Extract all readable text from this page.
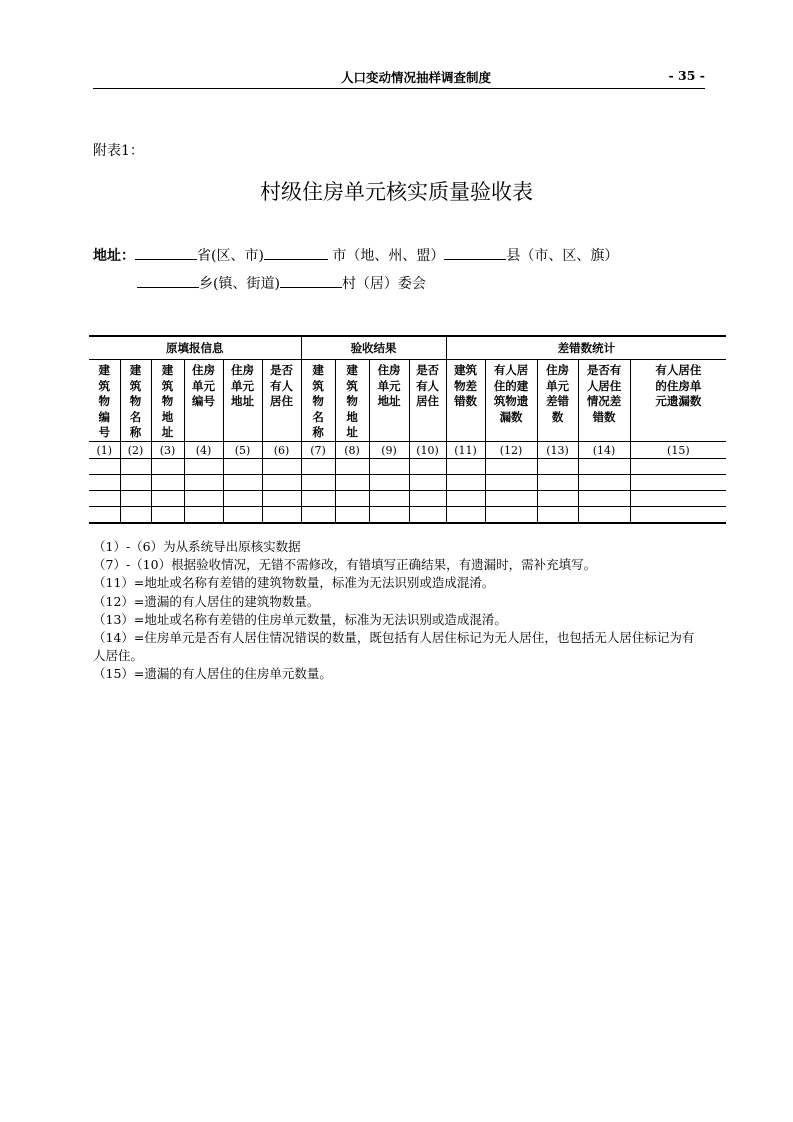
人口变动情况抽样调查制度	- 35 -
附表1：
村级住房单元核实质量验收表
地址：	省(区、市)	市（地、州、盟）	县（市、区、旗）
乡(镇、街道)	村（居）委会
原填报信息						验收结果				差错数统计				
建
筑
物
编
号	建
筑
物
名
称	建
筑
物
地
址	住房
单元
编号	住房
单元
地址	是否
有人
居住	建
筑
物
名
称	建
筑
物
地
址	住房
单元
地址	是否
有人
居住	建筑
物差
错数	有人居
住的建
筑物遗
漏数	住房
单元
差错
数	是否有
人居住
情况差
错数	有人居住
的住房单
元遗漏数
(1)	(2)	(3)	(4)	(5)	(6)	(7)	(8)	(9)	(10)	(11)	(12)	(13)	(14)	(15)

（1）-（6）为从系统导出原核实数据
（7）-（10）根据验收情况，无错不需修改，有错填写正确结果，有遗漏时，需补充填写。
（11）=地址或名称有差错的建筑物数量，标准为无法识别或造成混淆。
（12）=遗漏的有人居住的建筑物数量。
（13）=地址或名称有差错的住房单元数量，标准为无法识别或造成混淆。
（14）=住房单元是否有人居住情况错误的数量，既包括有人居住标记为无人居住，也包括无人居住标记为有人居住。
（15）=遗漏的有人居住的住房单元数量。
